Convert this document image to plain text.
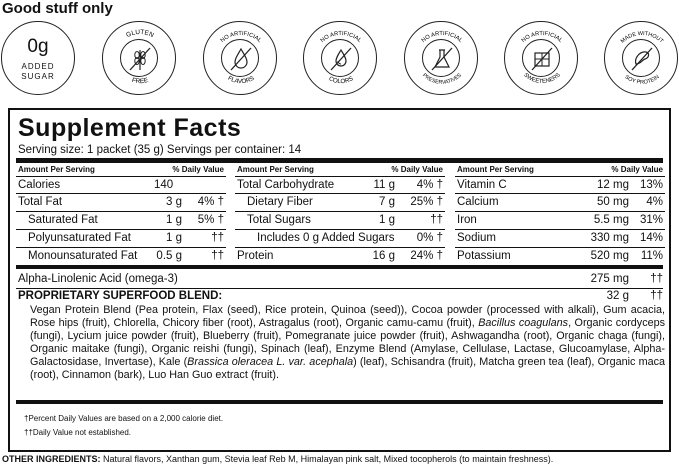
Good stuff only
0g
ADDED
SUGAR
GLUTEN
FREE
NO ARTIFICIAL
FLAVORS
NO ARTIFICIAL
COLORS
NO ARTIFICIAL
PRESERVATIVES
NO ARTIFICIAL
SWEETENERS
MADE WITHOUT
SOY PROTEIN
Supplement Facts
Serving size: 1 packet (35 g) Servings per container: 14
Amount Per Serving	% Daily Value
Calories	140
Total Fat	3 g 4% †
Saturated Fat	1 g 5% †
Polyunsaturated Fat	1 g	††
Monounsaturated Fat 0.5 g	††
Amount Per Serving	% Daily Value
Total Carbohydrate	11 g 4% †
Dietary Fiber	7 g 25% †
Total Sugars	1 g	††
Includes 0 g Added Sugars 0% †
Protein	16 g 24% †
Amount Per Serving	% Daily Value
Vitamin C	12 mg 13%
Calcium	50 mg 4%
Iron	5.5 mg 31%
Sodium	330 mg 14%
Potassium	520 mg 11%
Alpha-Linolenic Acid (omega-3)	275 mg ††
PROPRIETARY SUPERFOOD BLEND:	32 g ††
Vegan Protein Blend (Pea protein, Flax (seed), Rice protein, Quinoa (seed)), Cocoa powder (processed with alkali), Gum acacia, Rose hips (fruit), Chlorella, Chicory fiber (root), Astragalus (root), Organic camu-camu (fruit), Bacillus coagulans, Organic cordyceps (fungi), Lycium juice powder (fruit), Blueberry (fruit), Pomegranate juice powder (fruit), Ashwagandha (root), Organic chaga (fungi), Organic maitake (fungi), Organic reishi (fungi), Spinach (leaf), Enzyme Blend (Amylase, Cellulase, Lactase, Glucoamylase, Alpha-Galactosidase, Invertase), Kale (Brassica oleracea L. var. acephala) (leaf), Schisandra (fruit), Matcha green tea (leaf), Organic maca (root), Cinnamon (bark), Luo Han Guo extract (fruit).
†Percent Daily Values are based on a 2,000 calorie diet.
††Daily Value not established.
OTHER INGREDIENTS: Natural flavors, Xanthan gum, Stevia leaf Reb M, Himalayan pink salt, Mixed tocopherols (to maintain freshness).
